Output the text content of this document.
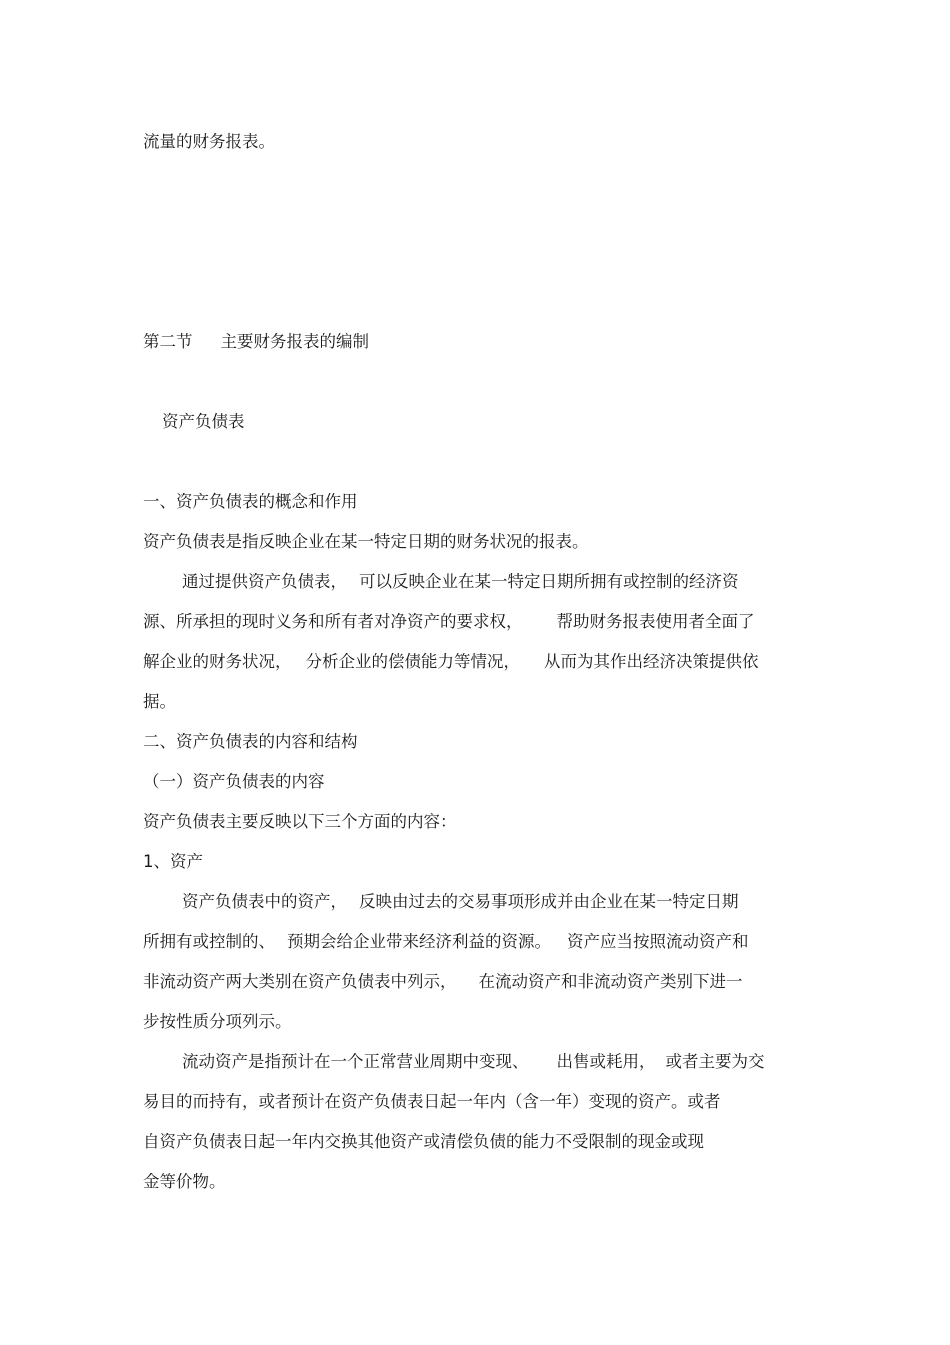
流量的财务报表。
第二节 主要财务报表的编制
资产负债表
一、资产负债表的概念和作用
资产负债表是指反映企业在某一特定日期的财务状况的报表。
通过提供资产负债表， 可以反映企业在某一特定日期所拥有或控制的经济资
源、所承担的现时义务和所有者对净资产的要求权， 帮助财务报表使用者全面了
解企业的财务状况， 分析企业的偿债能力等情况， 从而为其作出经济决策提供依
据。
二、资产负债表的内容和结构
（一）资产负债表的内容
资产负债表主要反映以下三个方面的内容：
1、资产
资产负债表中的资产， 反映由过去的交易事项形成并由企业在某一特定日期
所拥有或控制的、 预期会给企业带来经济利益的资源。 资产应当按照流动资产和
非流动资产两大类别在资产负债表中列示， 在流动资产和非流动资产类别下进一
步按性质分项列示。
流动资产是指预计在一个正常营业周期中变现、 出售或耗用， 或者主要为交
易目的而持有，或者预计在资产负债表日起一年内（含一年）变现的资产。或者
自资产负债表日起一年内交换其他资产或清偿负债的能力不受限制的现金或现
金等价物。
